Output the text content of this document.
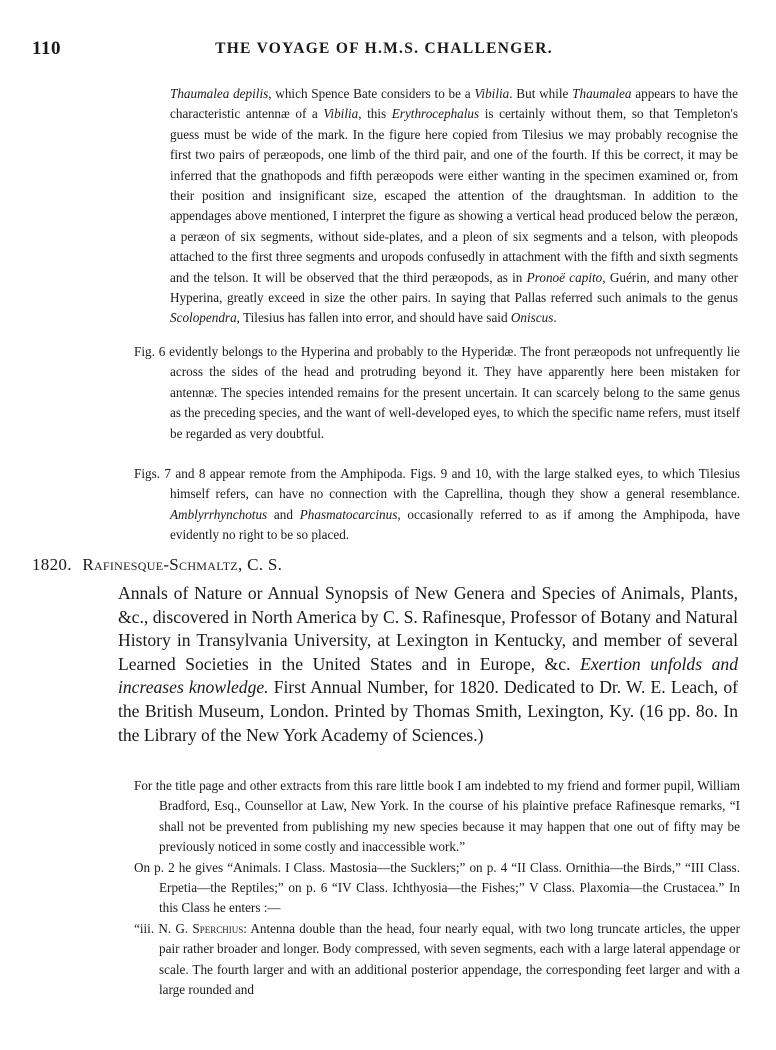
110	THE VOYAGE OF H.M.S. CHALLENGER.
Thaumalea depilis, which Spence Bate considers to be a Vibilia. But while Thaumalea appears to have the characteristic antennæ of a Vibilia, this Erythrocephalus is certainly without them, so that Templeton's guess must be wide of the mark. In the figure here copied from Tilesius we may probably recognise the first two pairs of peræopods, one limb of the third pair, and one of the fourth. If this be correct, it may be inferred that the gnathopods and fifth peræopods were either wanting in the specimen examined or, from their position and insignificant size, escaped the attention of the draughtsman. In addition to the appendages above mentioned, I interpret the figure as showing a vertical head produced below the peræon, a peræon of six segments, without side-plates, and a pleon of six segments and a telson, with pleopods attached to the first three segments and uropods confusedly in attachment with the fifth and sixth segments and the telson. It will be observed that the third peræopods, as in Pronoë capito, Guérin, and many other Hyperina, greatly exceed in size the other pairs. In saying that Pallas referred such animals to the genus Scolopendra, Tilesius has fallen into error, and should have said Oniscus.

Fig. 6 evidently belongs to the Hyperina and probably to the Hyperidæ. The front peræopods not unfrequently lie across the sides of the head and protruding beyond it. They have apparently here been mistaken for antennæ. The species intended remains for the present uncertain. It can scarcely belong to the same genus as the preceding species, and the want of well-developed eyes, to which the specific name refers, must itself be regarded as very doubtful.

Figs. 7 and 8 appear remote from the Amphipoda. Figs. 9 and 10, with the large stalked eyes, to which Tilesius himself refers, can have no connection with the Caprellina, though they show a general resemblance. Amblyrrhynchotus and Phasmatocarcinus, occasionally referred to as if among the Amphipoda, have evidently no right to be so placed.

1820. Rafinesque-Schmaltz, C. S.

Annals of Nature or Annual Synopsis of New Genera and Species of Animals, Plants, &c., discovered in North America by C. S. Rafinesque, Professor of Botany and Natural History in Transylvania University, at Lexington in Kentucky, and member of several Learned Societies in the United States and in Europe, &c. Exertion unfolds and increases knowledge. First Annual Number, for 1820. Dedicated to Dr. W. E. Leach, of the British Museum, London. Printed by Thomas Smith, Lexington, Ky. (16 pp. 8o. In the Library of the New York Academy of Sciences.)

For the title page and other extracts from this rare little book I am indebted to my friend and former pupil, William Bradford, Esq., Counsellor at Law, New York. In the course of his plaintive preface Rafinesque remarks, “I shall not be prevented from publishing my new species because it may happen that one out of fifty may be previously noticed in some costly and inaccessible work.”

On p. 2 he gives “Animals. I Class. Mastosia—the Sucklers;” on p. 4 “II Class. Ornithia—the Birds,” “III Class. Erpetia—the Reptiles;” on p. 6 “IV Class. Ichthyosia—the Fishes;” V Class. Plaxomia—the Crustacea.” In this Class he enters :—

“iii. N. G. Sperchius: Antenna double than the head, four nearly equal, with two long truncate articles, the upper pair rather broader and longer. Body compressed, with seven segments, each with a large lateral appendage or scale. The fourth larger and with an additional posterior appendage, the corresponding feet larger and with a large rounded and
